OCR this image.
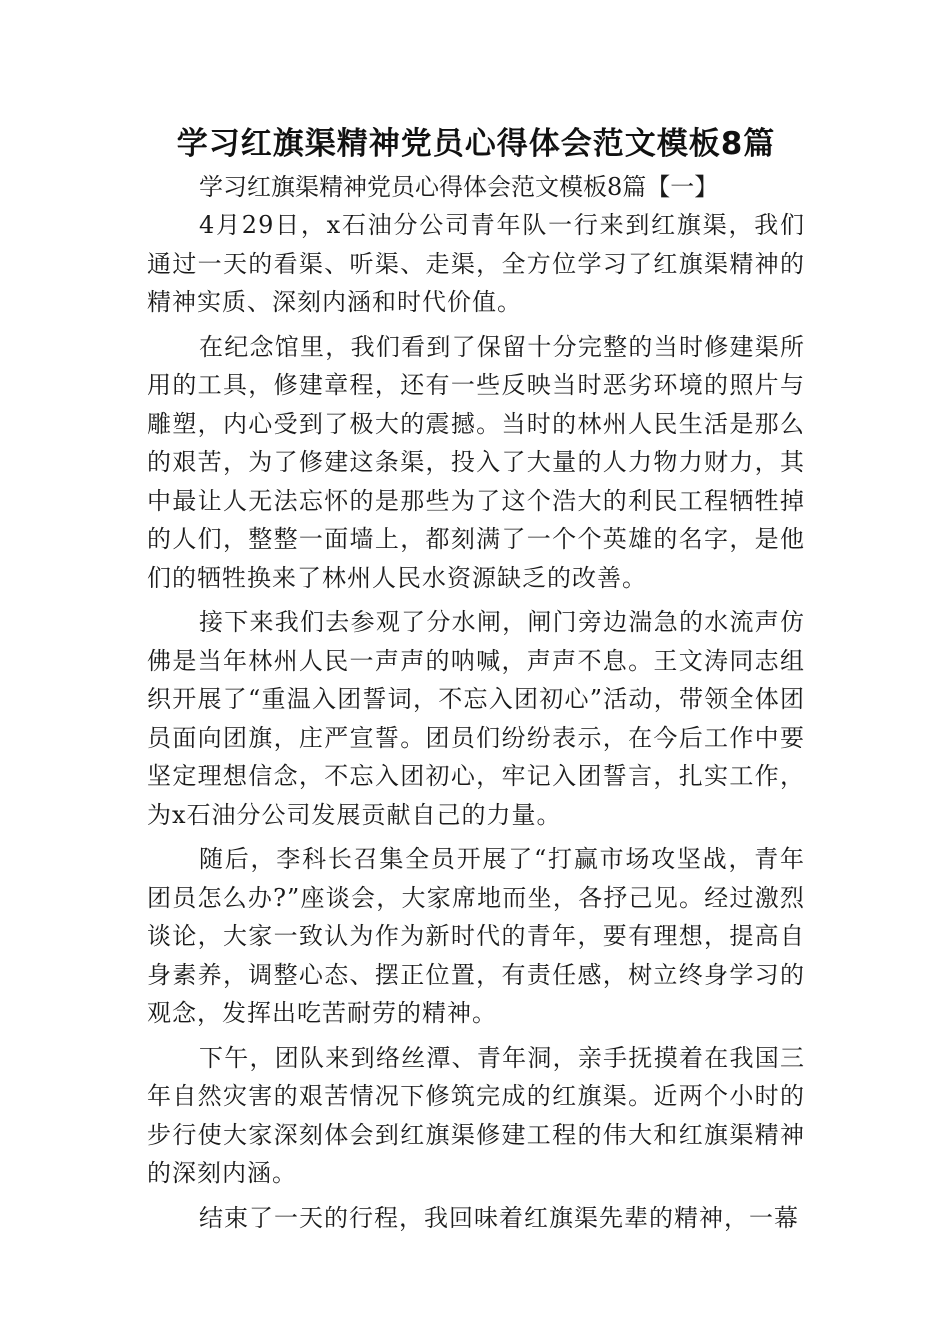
学习红旗渠精神党员心得体会范文模板8篇

学习红旗渠精神党员心得体会范文模板8篇【一】

4月29日，x石油分公司青年队一行来到红旗渠，我们通过一天的看渠、听渠、走渠，全方位学习了红旗渠精神的精神实质、深刻内涵和时代价值。

在纪念馆里，我们看到了保留十分完整的当时修建渠所用的工具，修建章程，还有一些反映当时恶劣环境的照片与雕塑，内心受到了极大的震撼。当时的林州人民生活是那么的艰苦，为了修建这条渠，投入了大量的人力物力财力，其中最让人无法忘怀的是那些为了这个浩大的利民工程牺牲掉的人们，整整一面墙上，都刻满了一个个英雄的名字，是他们的牺牲换来了林州人民水资源缺乏的改善。

接下来我们去参观了分水闸，闸门旁边湍急的水流声仿佛是当年林州人民一声声的呐喊，声声不息。王文涛同志组织开展了“重温入团誓词，不忘入团初心”活动，带领全体团员面向团旗，庄严宣誓。团员们纷纷表示，在今后工作中要坚定理想信念，不忘入团初心，牢记入团誓言，扎实工作，为x石油分公司发展贡献自己的力量。

随后，李科长召集全员开展了“打赢市场攻坚战，青年团员怎么办?”座谈会，大家席地而坐，各抒己见。经过激烈谈论，大家一致认为作为新时代的青年，要有理想，提高自身素养，调整心态、摆正位置，有责任感，树立终身学习的观念，发挥出吃苦耐劳的精神。

下午，团队来到络丝潭、青年洞，亲手抚摸着在我国三年自然灾害的艰苦情况下修筑完成的红旗渠。近两个小时的步行使大家深刻体会到红旗渠修建工程的伟大和红旗渠精神的深刻内涵。

结束了一天的行程，我回味着红旗渠先辈的精神，一幕
